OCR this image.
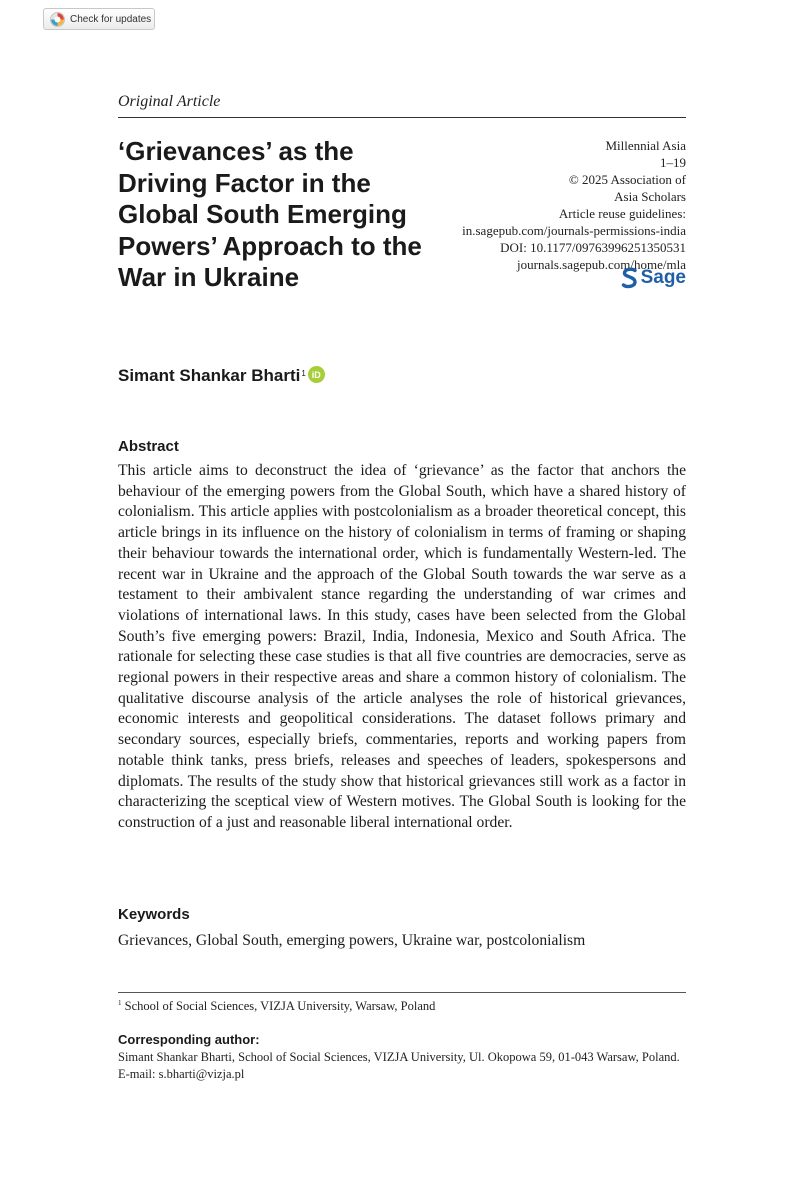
Check for updates
Original Article
‘Grievances’ as the Driving Factor in the Global South Emerging Powers’ Approach to the War in Ukraine
Millennial Asia
1–19
© 2025 Association of
Asia Scholars
Article reuse guidelines:
in.sagepub.com/journals-permissions-india
DOI: 10.1177/09763996251350531
journals.sagepub.com/home/mla
Sage
Simant Shankar Bharti 1 iD
Abstract

This article aims to deconstruct the idea of ‘grievance’ as the factor that anchors the behaviour of the emerging powers from the Global South, which have a shared history of colonialism. This article applies with postcolonialism as a broader theoretical concept, this article brings in its influence on the history of colonialism in terms of framing or shaping their behaviour towards the international order, which is fundamentally Western-led. The recent war in Ukraine and the approach of the Global South towards the war serve as a testament to their ambivalent stance regarding the understanding of war crimes and violations of international laws. In this study, cases have been selected from the Global South’s five emerging powers: Brazil, India, Indonesia, Mexico and South Africa. The rationale for selecting these case studies is that all five countries are democracies, serve as regional powers in their respective areas and share a common history of colonialism. The qualitative discourse analysis of the article analyses the role of historical grievances, economic interests and geopolitical considerations. The dataset follows primary and secondary sources, especially briefs, commentaries, reports and working papers from notable think tanks, press briefs, releases and speeches of leaders, spokespersons and diplomats. The results of the study show that historical grievances still work as a factor in characterizing the sceptical view of Western motives. The Global South is looking for the construction of a just and reasonable liberal international order.

Keywords
Grievances, Global South, emerging powers, Ukraine war, postcolonialism
$^1$ School of Social Sciences, VIZJA University, Warsaw, Poland
Corresponding author:
Simant Shankar Bharti, School of Social Sciences, VIZJA University, Ul. Okopowa 59, 01-043 Warsaw, Poland.
E-mail: s.bharti@vizja.pl
